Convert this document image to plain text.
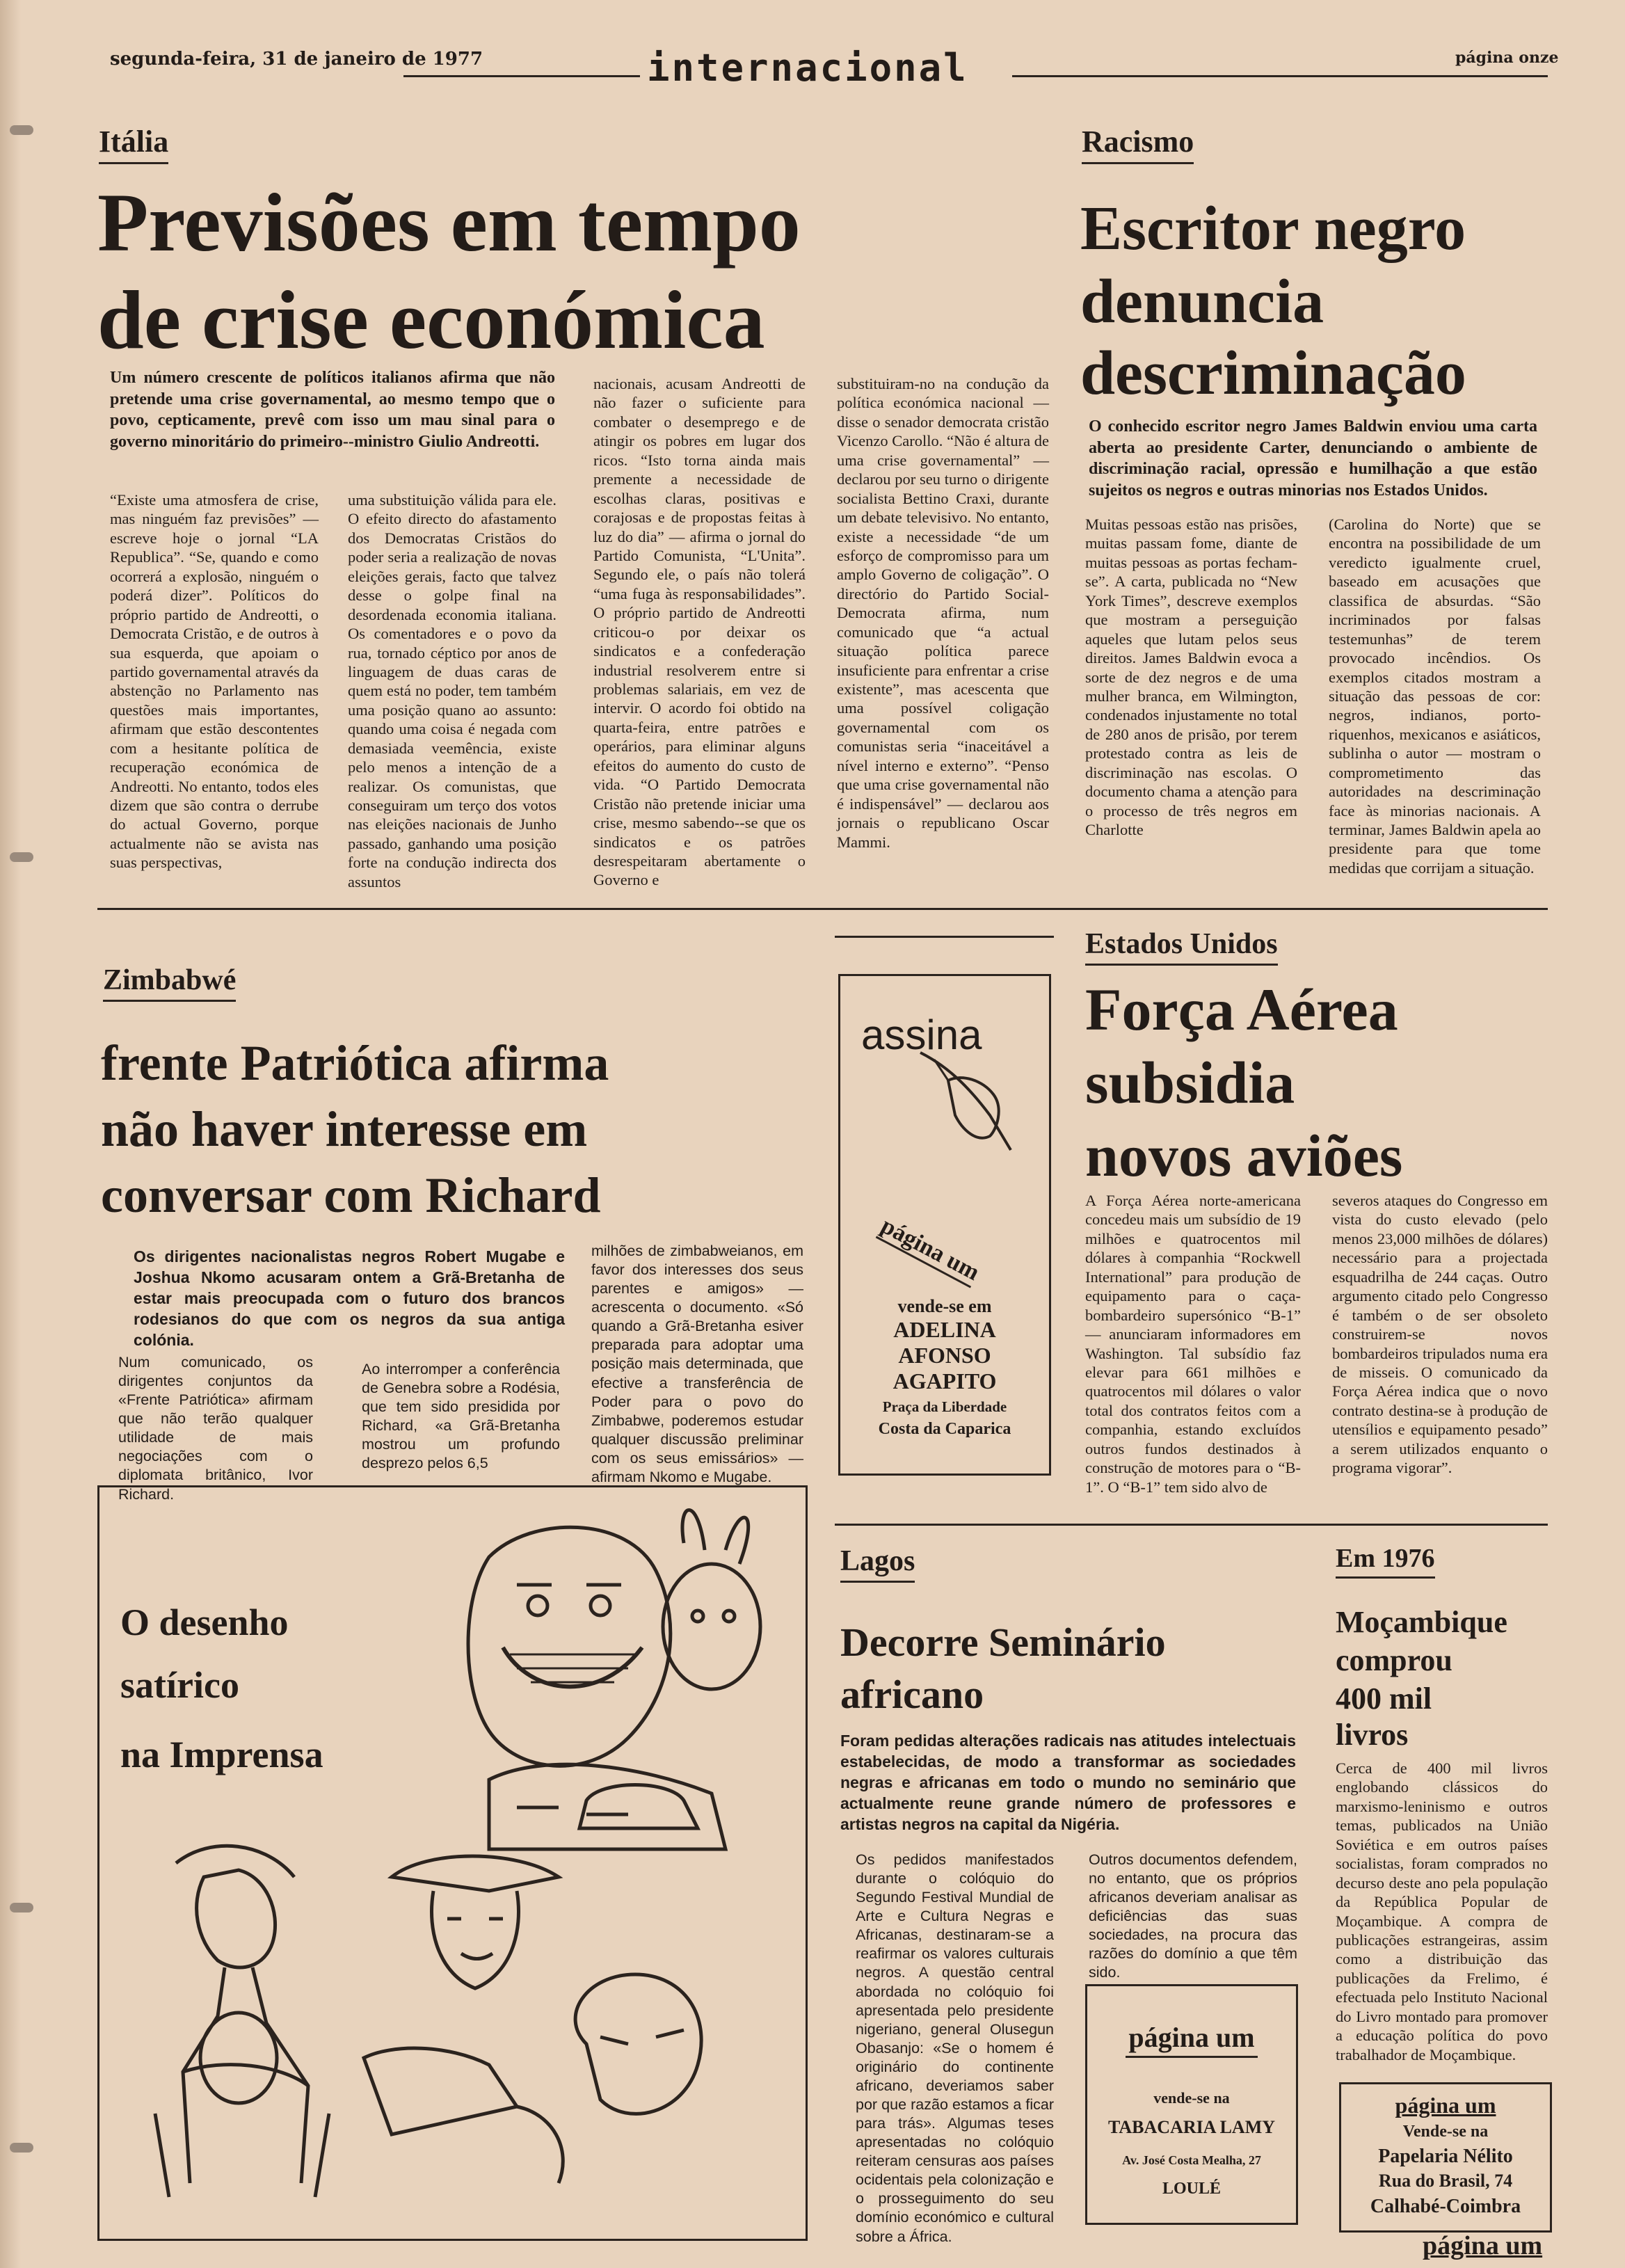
segunda-feira, 31 de janeiro de 1977	internacional	página onze
Itália
Previsões em tempo
de crise económica
Um número crescente de políticos italianos afirma que não pretende uma crise governamental, ao mesmo tempo que o povo, cepticamente, prevê com isso um mau sinal para o governo minoritário do primeiro--ministro Giulio Andreotti.
“Existe uma atmosfera de crise, mas ninguém faz previsões” — escreve hoje o jornal “LA Republica”. “Se, quando e como ocorrerá a explosão, ninguém o poderá dizer”. Políticos do próprio partido de Andreotti, o Democrata Cristão, e de outros à sua esquerda, que apoiam o partido governamental através da abstenção no Parlamento nas questões mais importantes, afirmam que estão descontentes com a hesitante política de recuperação económica de Andreotti. No entanto, todos eles dizem que são contra o derrube do actual Governo, porque actualmente não se avista nas suas perspectivas,
uma substituição válida para ele. O efeito directo do afastamento dos Democratas Cristãos do poder seria a realização de novas eleições gerais, facto que talvez desse o golpe final na desordenada economia italiana. Os comentadores e o povo da rua, tornado céptico por anos de linguagem de duas caras de quem está no poder, tem também uma posição quano ao assunto: quando uma coisa é negada com demasiada veemência, existe pelo menos a intenção de a realizar. Os comunistas, que conseguiram um terço dos votos nas eleições nacionais de Junho passado, ganhando uma posição forte na condução indirecta dos assuntos
nacionais, acusam Andreotti de não fazer o suficiente para combater o desemprego e de atingir os pobres em lugar dos ricos. “Isto torna ainda mais premente a necessidade de escolhas claras, positivas e corajosas e de propostas feitas à luz do dia” — afirma o jornal do Partido Comunista, “L'Unita”. Segundo ele, o país não tolerá “uma fuga às responsabilidades”. O próprio partido de Andreotti criticou-o por deixar os sindicatos e a confederação industrial resolverem entre si problemas salariais, em vez de intervir. O acordo foi obtido na quarta-feira, entre patrões e operários, para eliminar alguns efeitos do aumento do custo de vida. “O Partido Democrata Cristão não pretende iniciar uma crise, mesmo sabendo--se que os sindicatos e os patrões desrespeitaram abertamente o Governo e
substituiram-no na condução da política económica nacional — disse o senador democrata cristão Vicenzo Carollo. “Não é altura de uma crise governamental” — declarou por seu turno o dirigente socialista Bettino Craxi, durante um debate televisivo. No entanto, existe a necessidade “de um esforço de compromisso para um amplo Governo de coligação”. O directório do Partido Social-Democrata afirma, num comunicado que “a actual situação política parece insuficiente para enfrentar a crise existente”, mas acescenta que uma possível coligação governamental com os comunistas seria “inaceitável a nível interno e externo”. “Penso que uma crise governamental não é indispensável” — declarou aos jornais o republicano Oscar Mammi.
Racismo
Escritor negro
denuncia
descriminação
O conhecido escritor negro James Baldwin enviou uma carta aberta ao presidente Carter, denunciando o ambiente de discriminação racial, opressão e humilhação a que estão sujeitos os negros e outras minorias nos Estados Unidos.
Muitas pessoas estão nas prisões, muitas passam fome, diante de muitas pessoas as portas fecham-se”. A carta, publicada no “New York Times”, descreve exemplos que mostram a perseguição aqueles que lutam pelos seus direitos. James Baldwin evoca a sorte de dez negros e de uma mulher branca, em Wilmington, condenados injustamente no total de 280 anos de prisão, por terem protestado contra as leis de discriminação nas escolas. O documento chama a atenção para o processo de três negros em Charlotte
(Carolina do Norte) que se encontra na possibilidade de um veredicto igualmente cruel, baseado em acusações que classifica de absurdas. “São incriminados por falsas testemunhas” de terem provocado incêndios. Os exemplos citados mostram a situação das pessoas de cor: negros, indianos, porto-riquenhos, mexicanos e asiáticos, sublinha o autor — mostram o comprometimento das autoridades na descriminação face às minorias nacionais. A terminar, James Baldwin apela ao presidente para que tome medidas que corrijam a situação.
Zimbabwé
frente Patriótica afirma
não haver interesse em
conversar com Richard
Os dirigentes nacionalistas negros Robert Mugabe e Joshua Nkomo acusaram ontem a Grã-Bretanha de estar mais preocupada com o futuro dos brancos rodesianos do que com os negros da sua antiga colónia.
Num comunicado, os dirigentes conjuntos da «Frente Patriótica» afirmam que não terão qualquer utilidade de mais negociações com o diplomata britânico, Ivor Richard.
Ao interromper a conferência de Genebra sobre a Rodésia, que tem sido presidida por Richard, «a Grã-Bretanha mostrou um profundo desprezo pelos 6,5
milhões de zimbabweianos, em favor dos interesses dos seus parentes e amigos» — acrescenta o documento. «Só quando a Grã-Bretanha esiver preparada para adoptar uma posição mais determinada, que efective a transferência de Poder para o povo do Zimbabwe, poderemos estudar qualquer discussão preliminar com os seus emissários» — afirmam Nkomo e Mugabe.
assina
página um
vende-se em
ADELINA
AFONSO
AGAPITO
Praça da Liberdade
Costa da Caparica
Estados Unidos
Força Aérea
subsidia
novos aviões
A Força Aérea norte-americana concedeu mais um subsídio de 19 milhões e quatrocentos mil dólares à companhia “Rockwell International” para produção de equipamento para o caça-bombardeiro supersónico “B-1” — anunciaram informadores em Washington. Tal subsídio faz elevar para 661 milhões e quatrocentos mil dólares o valor total dos contratos feitos com a companhia, estando excluídos outros fundos destinados à construção de motores para o “B-1”. O “B-1” tem sido alvo de
severos ataques do Congresso em vista do custo elevado (pelo menos 23,000 milhões de dólares) necessário para a projectada esquadrilha de 244 caças. Outro argumento citado pelo Congresso é também o de ser obsoleto construirem-se novos bombardeiros tripulados numa era de misseis. O comunicado da Força Aérea indica que o novo contrato destina-se à produção de utensílios e equipamento pesado” a serem utilizados enquanto o programa vigorar”.
O desenho
satírico
na Imprensa
Lagos
Decorre Seminário
africano
Foram pedidas alterações radicais nas atitudes intelectuais estabelecidas, de modo a transformar as sociedades negras e africanas em todo o mundo no seminário que actualmente reune grande número de professores e artistas negros na capital da Nigéria.
Os pedidos manifestados durante o colóquio do Segundo Festival Mundial de Arte e Cultura Negras e Africanas, destinaram-se a reafirmar os valores culturais negros. A questão central abordada no colóquio foi apresentada pelo presidente nigeriano, general Olusegun Obasanjo: «Se o homem é originário do continente africano, deveriamos saber por que razão estamos a ficar para trás». Algumas teses apresentadas no colóquio reiteram censuras aos países ocidentais pela colonização e o prosseguimento do seu domínio económico e cultural sobre a África.
Outros documentos defendem, no entanto, que os próprios africanos deveriam analisar as deficiências das suas sociedades, na procura das razões do domínio a que têm sido.
página um
vende-se na
TABACARIA LAMY
Av. José Costa Mealha, 27
LOULÉ
Em 1976
Moçambique
comprou
400 mil
livros
Cerca de 400 mil livros englobando clássicos do marxismo-leninismo e outros temas, publicados na União Soviética e em outros países socialistas, foram comprados no decurso deste ano pela população da República Popular de Moçambique. A compra de publicações estrangeiras, assim como a distribuição das publicações da Frelimo, é efectuada pelo Instituto Nacional do Livro montado para promover a educação política do povo trabalhador de Moçambique.
página um
Vende-se na
Papelaria Nélito
Rua do Brasil, 74
Calhabé-Coimbra
página um
